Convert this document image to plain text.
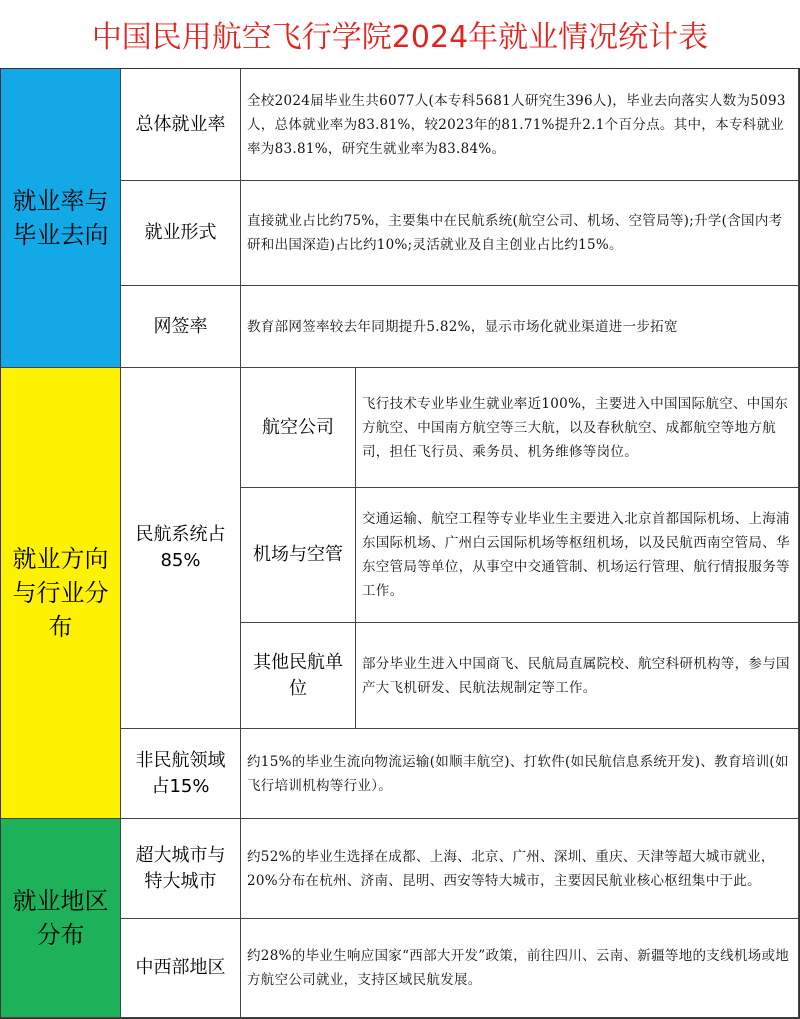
中国民用航空飞行学院2024年就业情况统计表
就业率与毕业去向
总体就业率
全校2024届毕业生共6077人(本专科5681人研究生396人)，毕业去向落实人数为5093人，总体就业率为83.81%，较2023年的81.71%提升2.1个百分点。其中，本专科就业率为83.81%，研究生就业率为83.84%。
就业形式
直接就业占比约75%，主要集中在民航系统(航空公司、机场、空管局等);升学(含国内考研和出国深造)占比约10%;灵活就业及自主创业占比约15%。
网签率	教育部网签率较去年同期提升5.82%，显示市场化就业渠道进一步拓宽
就业方向与行业分布
民航系统占85%
航空公司
飞行技术专业毕业生就业率近100%，主要进入中国国际航空、中国东方航空、中国南方航空等三大航，以及春秋航空、成都航空等地方航司，担任飞行员、乘务员、机务维修等岗位。
机场与空管
交通运输、航空工程等专业毕业生主要进入北京首都国际机场、上海浦东国际机场、广州白云国际机场等枢纽机场，以及民航西南空管局、华东空管局等单位，从事空中交通管制、机场运行管理、航行情报服务等工作。
其他民航单位
部分毕业生进入中国商飞、民航局直属院校、航空科研机构等，参与国产大飞机研发、民航法规制定等工作。
非民航领域占15%
约15%的毕业生流向物流运输(如顺丰航空)、打软件(如民航信息系统开发)、教育培训(如飞行培训机构等行业）。
就业地区分布
超大城市与特大城市
约52%的毕业生选择在成都、上海、北京、广州、深圳、重庆、天津等超大城市就业，20%分布在杭州、济南、昆明、西安等特大城市，主要因民航业核心枢纽集中于此。
中西部地区
约28%的毕业生响应国家“西部大开发”政策，前往四川、云南、新疆等地的支线机场或地方航空公司就业，支持区域民航发展。
